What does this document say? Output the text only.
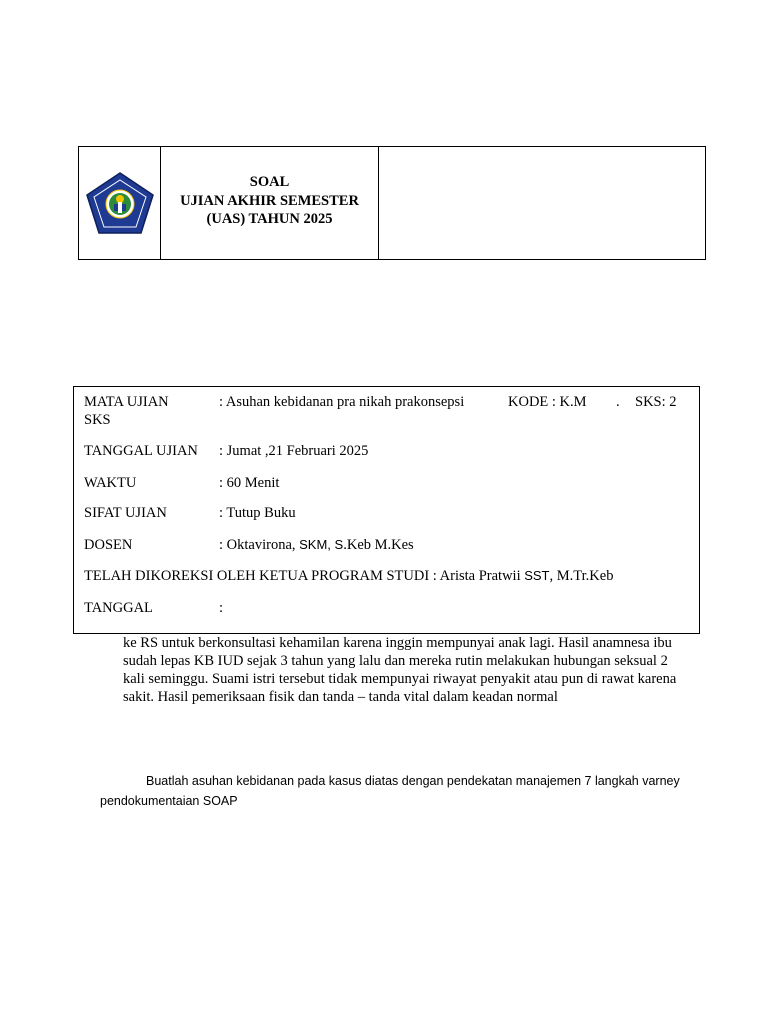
SOAL
UJIAN AKHIR SEMESTER
(UAS) TAHUN 2025
MATA UJIAN	: Asuhan kebidanan pra nikah prakonsepsi	KODE : K.M . SKS: 2
SKS
TANGGAL UJIAN : Jumat ,21 Februari 2025
WAKTU	: 60 Menit
SIFAT UJIAN	: Tutup Buku
DOSEN	: Oktavirona, SKM, S.Keb M.Kes
TELAH DIKOREKSI OLEH KETUA PROGRAM STUDI : Arista Pratwii SST, M.Tr.Keb
TANGGAL	:
ke RS untuk berkonsultasi kehamilan karena inggin mempunyai anak lagi. Hasil anamnesa ibu
sudah lepas KB IUD sejak 3 tahun yang lalu dan mereka rutin melakukan hubungan seksual 2
kali seminggu. Suami istri tersebut tidak mempunyai riwayat penyakit atau pun di rawat karena
sakit. Hasil pemeriksaan fisik dan tanda – tanda vital dalam keadan normal
Buatlah asuhan kebidanan pada kasus diatas dengan pendekatan manajemen 7 langkah varney
pendokumentaian SOAP
